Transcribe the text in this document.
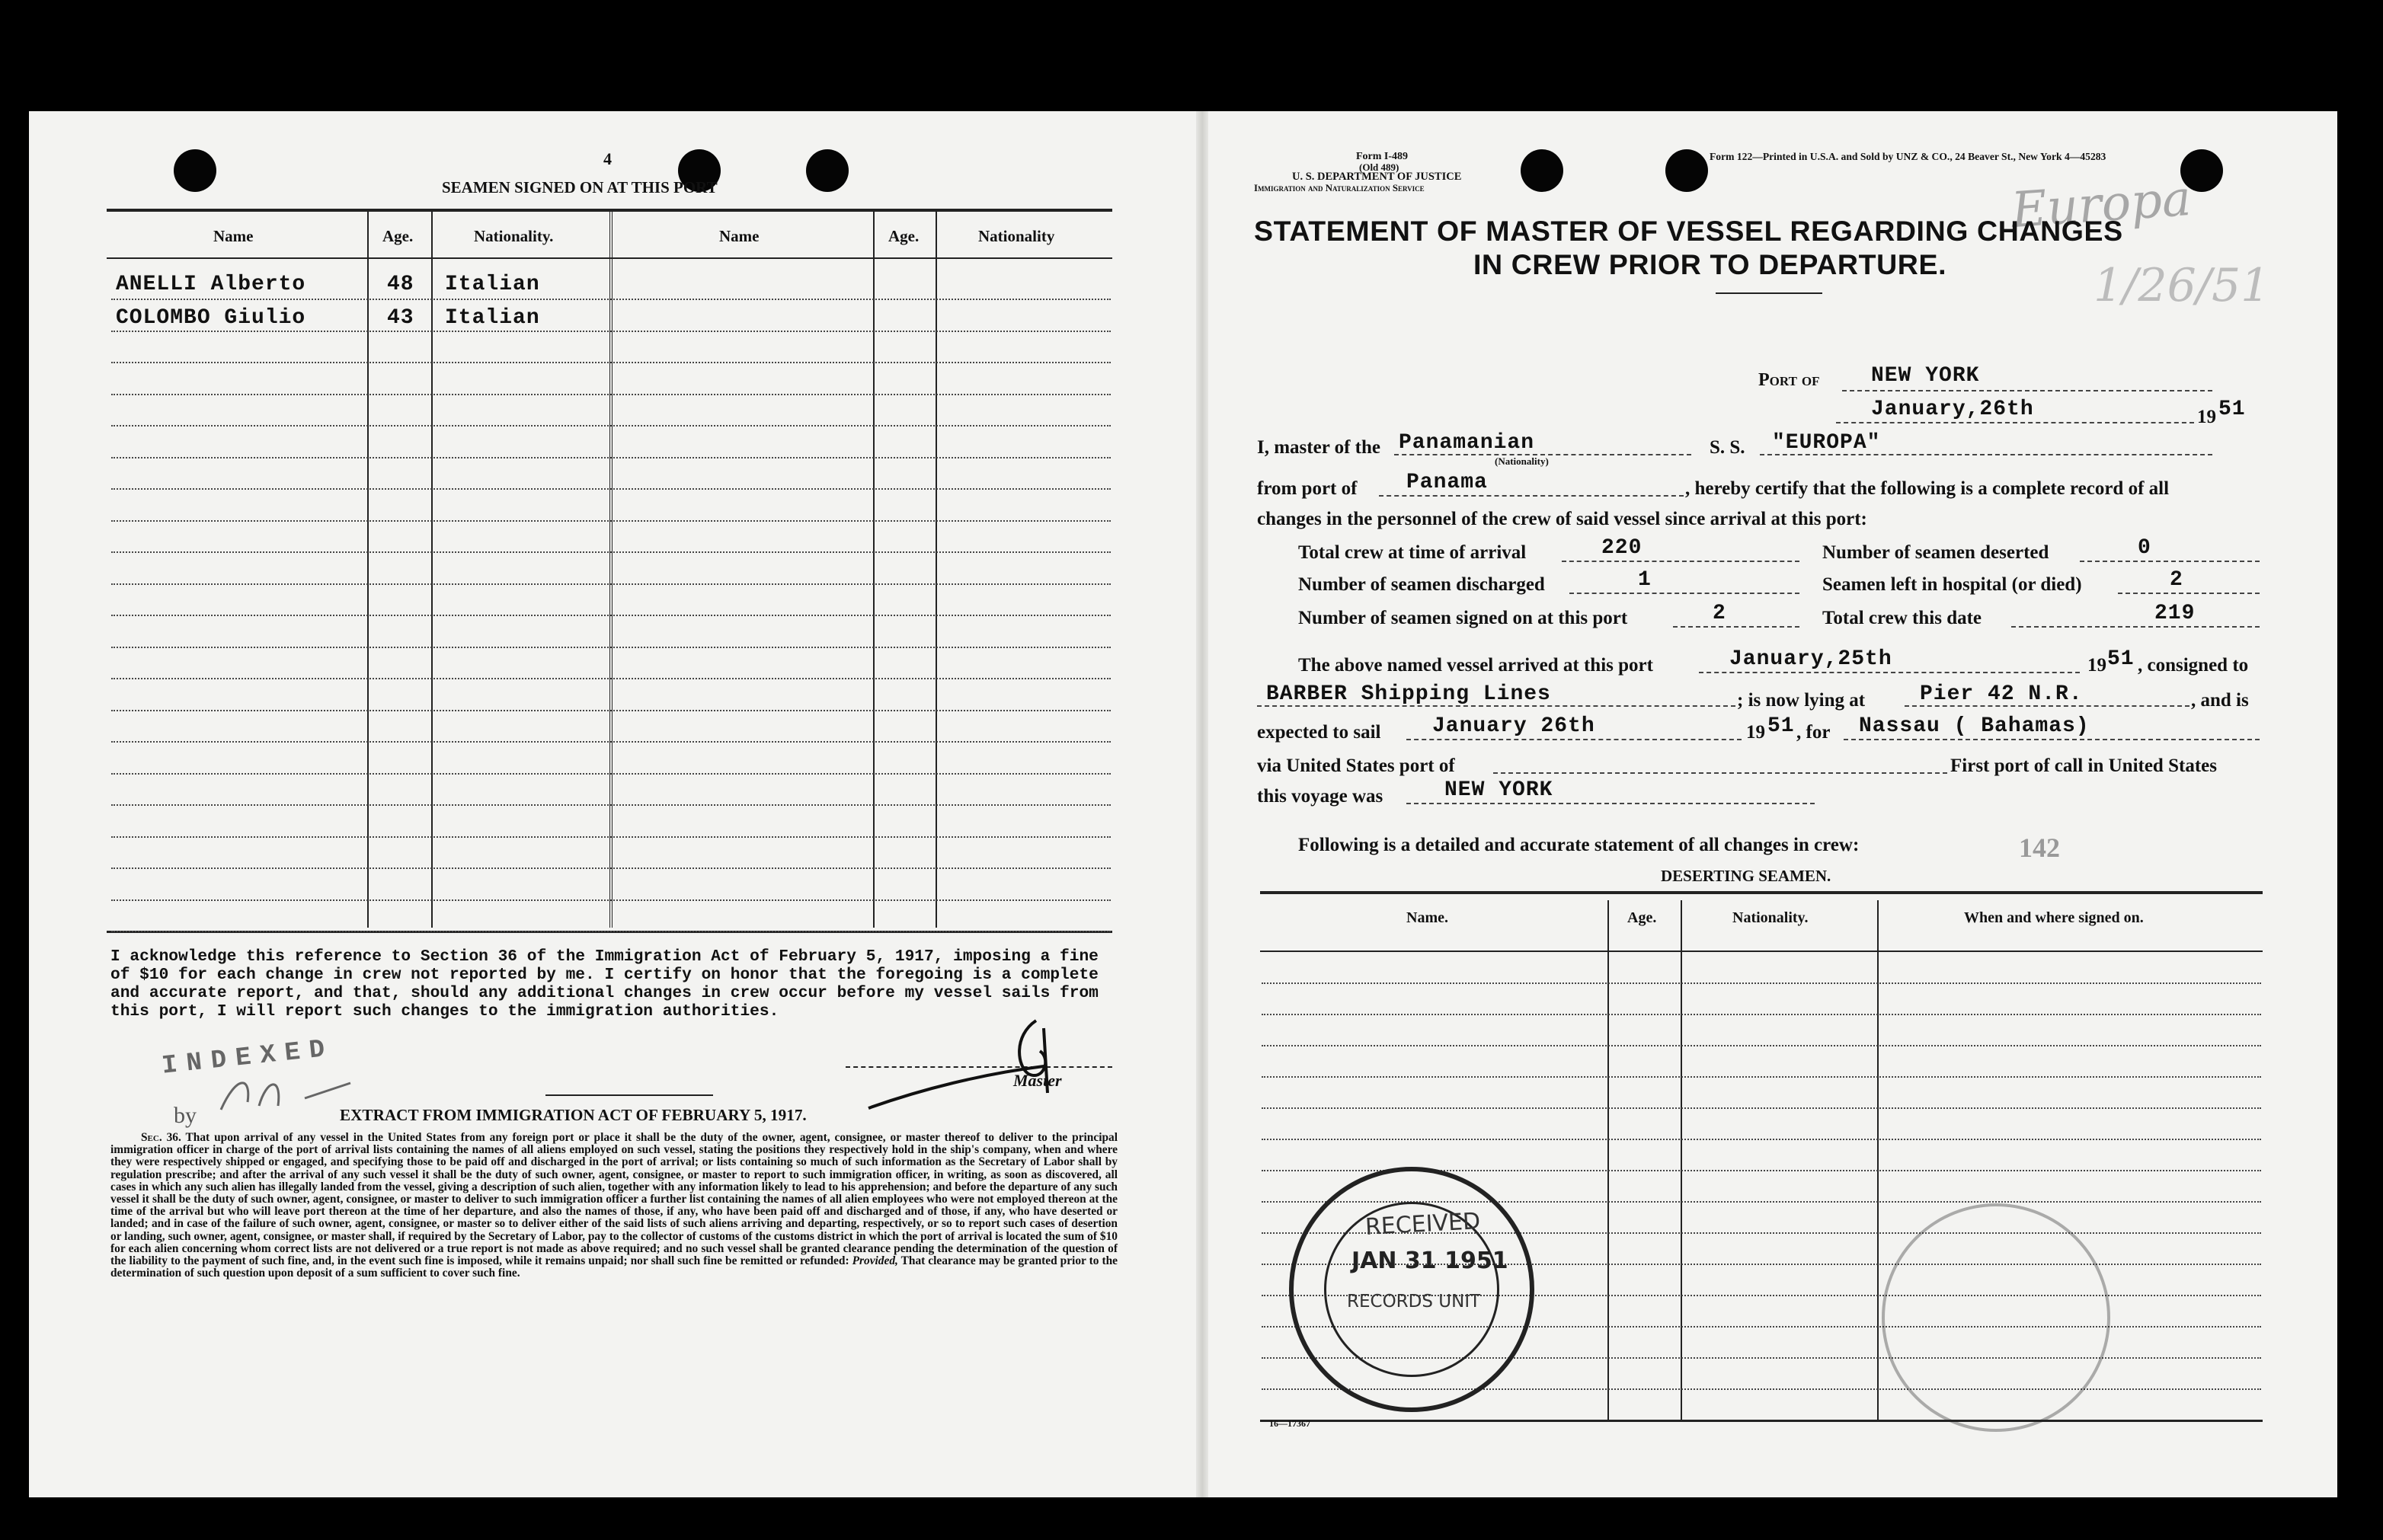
4
SEAMEN SIGNED ON AT THIS PORT
Name	Age.	Nationality.	Name	Age.	Nationality
ANELLI Alberto	48 Italian
COLOMBO Giulio	43 Italian
I acknowledge this reference to Section 36 of the Immigration Act of February 5, 1917, imposing a fine of $10 for each change in crew not reported by me. I certify on honor that the foregoing is a complete and accurate report, and that, should any additional changes in crew occur before my vessel sails from this port, I will report such changes to the immigration authorities.
INDEXED
by
Master
EXTRACT FROM IMMIGRATION ACT OF FEBRUARY 5, 1917.
Sec. 36. That upon arrival of any vessel in the United States from any foreign port or place it shall be the duty of the owner, agent, consignee, or master thereof to deliver to the principal immigration officer in charge of the port of arrival lists containing the names of all aliens employed on such vessel, stating the positions they respectively hold in the ship's company, when and where they were respectively shipped or engaged, and specifying those to be paid off and discharged in the port of arrival; or lists containing so much of such information as the Secretary of Labor shall by regulation prescribe; and after the arrival of any such vessel it shall be the duty of such owner, agent, consignee, or master to report to such immigration officer, in writing, as soon as discovered, all cases in which any such alien has illegally landed from the vessel, giving a description of such alien, together with any information likely to lead to his apprehension; and before the departure of any such vessel it shall be the duty of such owner, agent, consignee, or master to deliver to such immigration officer a further list containing the names of all alien employees who were not employed thereon at the time of the arrival but who will leave port thereon at the time of her departure, and also the names of those, if any, who have been paid off and discharged and of those, if any, who have deserted or landed; and in case of the failure of such owner, agent, consignee, or master so to deliver either of the said lists of such aliens arriving and departing, respectively, or so to report such cases of desertion or landing, such owner, agent, consignee, or master shall, if required by the Secretary of Labor, pay to the collector of customs of the customs district in which the port of arrival is located the sum of $10 for each alien concerning whom correct lists are not delivered or a true report is not made as above required; and no such vessel shall be granted clearance pending the determination of the question of the liability to the payment of such fine, and, in the event such fine is imposed, while it remains unpaid; nor shall such fine be remitted or refunded: Provided, That clearance may be granted prior to the determination of such question upon deposit of a sum sufficient to cover such fine.
Form I-489
(Old 489)
U. S. DEPARTMENT OF JUSTICE
Immigration and Naturalization Service
Form 122—Printed in U.S.A. and Sold by UNZ & CO., 24 Beaver St., New York 4—45283
Europa
1/26/51
STATEMENT OF MASTER OF VESSEL REGARDING CHANGES
IN CREW PRIOR TO DEPARTURE.
Port of NEW YORK
January,26th	19 51
I, master of the Panamanian
(Nationality)
S. S. "EUROPA"
from port of Panama	, hereby certify that the following is a complete record of all
changes in the personnel of the crew of said vessel since arrival at this port:
Total crew at time of arrival	220	Number of seamen deserted	0
Number of seamen discharged	1	Seamen left in hospital (or died)	2
Number of seamen signed on at this port	2	Total crew this date	219
The above named vessel arrived at this port	January,25th	19 51 , consigned to
BARBER Shipping Lines	; is now lying at	Pier 42 N.R.	, and is
expected to sail January 26th	19 51 , for Nassau ( Bahamas)
via United States port of	First port of call in United States
this voyage was	NEW YORK
Following is a detailed and accurate statement of all changes in crew:	142
DESERTING SEAMEN.
Name.	Age.	Nationality.	When and where signed on.
16—17367
RECEIVED
JAN 31 1951
RECORDS UNIT
